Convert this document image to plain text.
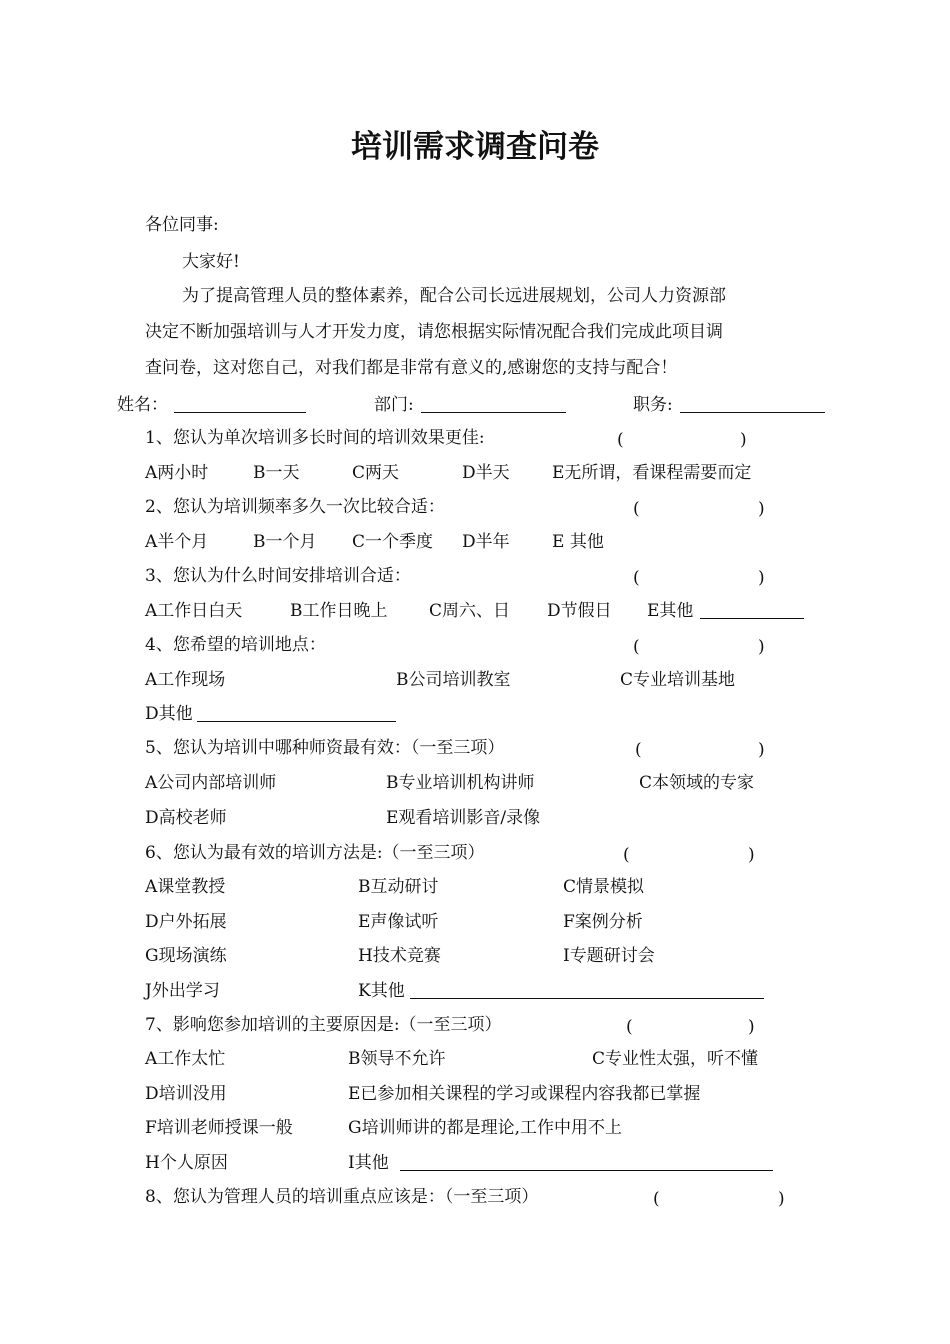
培训需求调查问卷
各位同事:
大家好!
为了提高管理人员的整体素养，配合公司长远进展规划，公司人力资源部
决定不断加强培训与人才开发力度，请您根据实际情况配合我们完成此项目调
查问卷，这对您自己，对我们都是非常有意义的,感谢您的支持与配合！
姓名：	部门:	职务:
1、您认为单次培训多长时间的培训效果更佳:	(	)
A两小时	B一天	C两天	D半天 E无所谓，看课程需要而定
2、您认为培训频率多久一次比较合适：	(	)
A半个月	B一个月 C一个季度 D半年 E 其他
3、您认为什么时间安排培训合适：	(	)
A工作日白天	B工作日晚上 C周六、日 D节假日 E其他
4、您希望的培训地点：	(	)
A工作现场	B公司培训教室	C专业培训基地
D其他
5、您认为培训中哪种师资最有效：（一至三项）	(	)
A公司内部培训师	B专业培训机构讲师	C本领域的专家
D高校老师	E观看培训影音/录像
6、您认为最有效的培训方法是:（一至三项）	(	)
A课堂教授	B互动研讨	C情景模拟
D户外拓展	E声像试听	F案例分析
G现场演练	H技术竞赛	I专题研讨会
J外出学习	K其他
7、影响您参加培训的主要原因是:（一至三项）	(	)
A工作太忙	B领导不允许	C专业性太强，听不懂
D培训没用	E已参加相关课程的学习或课程内容我都已掌握
F培训老师授课一般	G培训师讲的都是理论,工作中用不上
H个人原因	I其他
8、您认为管理人员的培训重点应该是：（一至三项）	(	)
